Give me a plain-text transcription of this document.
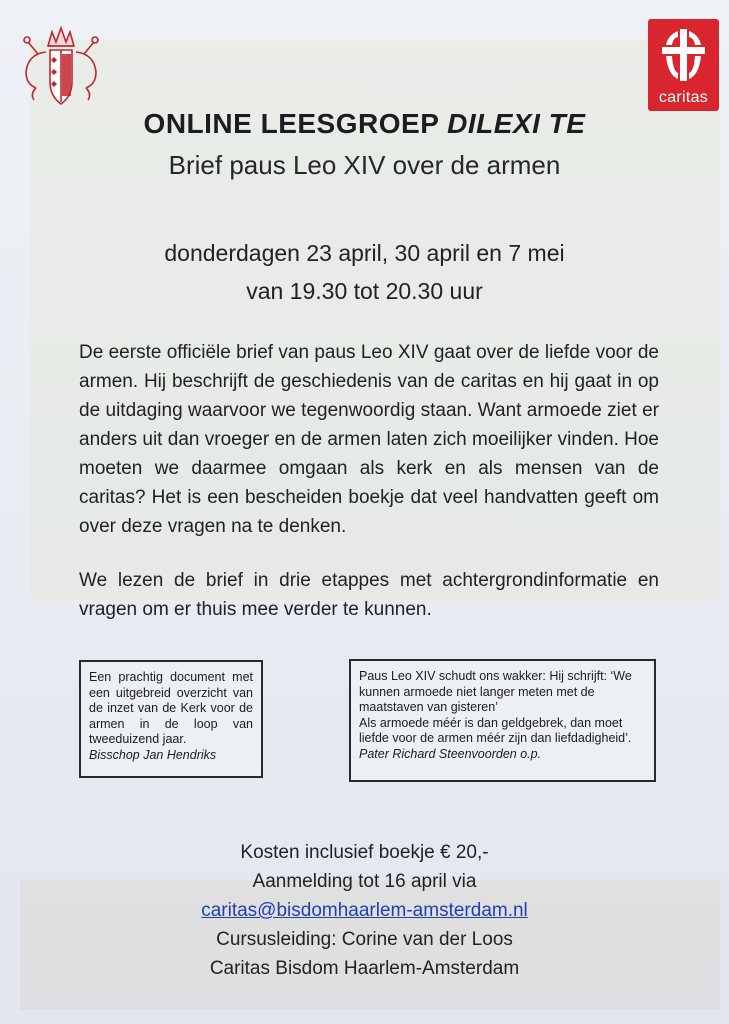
caritas
ONLINE LEESGROEP DILEXI TE
Brief paus Leo XIV over de armen
donderdagen 23 april, 30 april en 7 mei
van 19.30 tot 20.30 uur
De eerste officiële brief van paus Leo XIV gaat over de liefde voor de armen. Hij beschrijft de geschiedenis van de caritas en hij gaat in op de uitdaging waarvoor we tegenwoordig staan. Want armoede ziet er anders uit dan vroeger en de armen laten zich moeilijker vinden. Hoe moeten we daarmee omgaan als kerk en als mensen van de caritas? Het is een bescheiden boekje dat veel handvatten geeft om over deze vragen na te denken.
We lezen de brief in drie etappes met achtergrondinformatie en vragen om er thuis mee verder te kunnen.
Een prachtig document met een uitgebreid overzicht van de inzet van de Kerk voor de armen in de loop van tweeduizend jaar.
Bisschop Jan Hendriks
Paus Leo XIV schudt ons wakker: Hij schrijft: ‘We kunnen armoede niet langer meten met de maatstaven van gisteren’
Als armoede méér is dan geldgebrek, dan moet liefde voor de armen méér zijn dan liefdadigheid’.
Pater Richard Steenvoorden o.p.
Kosten inclusief boekje € 20,-
Aanmelding tot 16 april via
caritas@bisdomhaarlem-amsterdam.nl
Cursusleiding: Corine van der Loos
Caritas Bisdom Haarlem-Amsterdam
